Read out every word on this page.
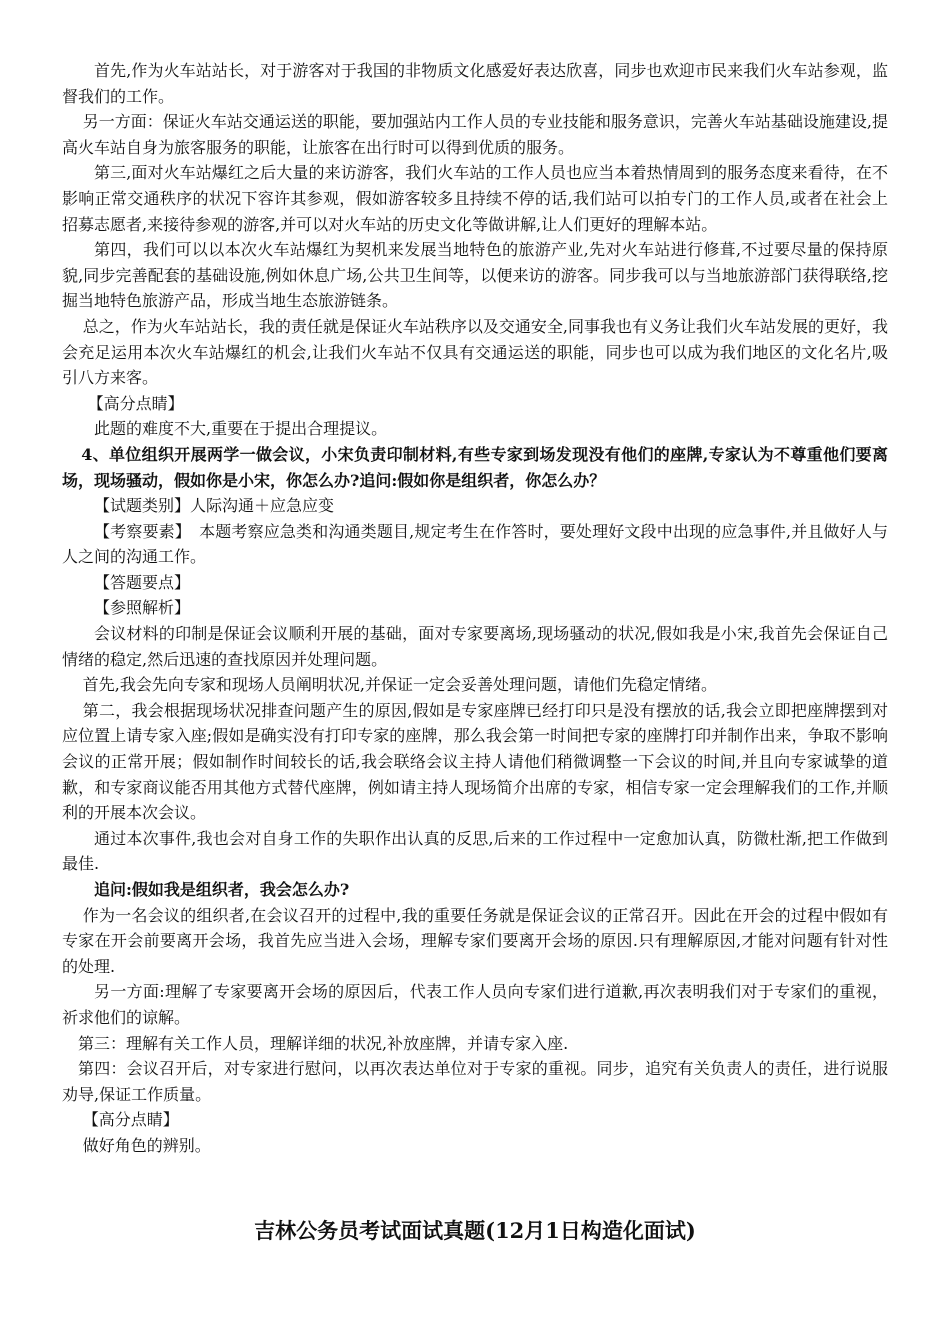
首先,作为火车站站长，对于游客对于我国的非物质文化感爱好表达欣喜，同步也欢迎市民来我们火车站参观，监督我们的工作。

另一方面：保证火车站交通运送的职能，要加强站内工作人员的专业技能和服务意识，完善火车站基础设施建设,提高火车站自身为旅客服务的职能，让旅客在出行时可以得到优质的服务。

第三,面对火车站爆红之后大量的来访游客，我们火车站的工作人员也应当本着热情周到的服务态度来看待，在不影响正常交通秩序的状况下容许其参观，假如游客较多且持续不停的话,我们站可以拍专门的工作人员,或者在社会上招募志愿者,来接待参观的游客,并可以对火车站的历史文化等做讲解,让人们更好的理解本站。

第四，我们可以以本次火车站爆红为契机来发展当地特色的旅游产业,先对火车站进行修葺,不过要尽量的保持原貌,同步完善配套的基础设施,例如休息广场,公共卫生间等，以便来访的游客。同步我可以与当地旅游部门获得联络,挖掘当地特色旅游产品，形成当地生态旅游链条。

总之，作为火车站站长，我的责任就是保证火车站秩序以及交通安全,同事我也有义务让我们火车站发展的更好，我会充足运用本次火车站爆红的机会,让我们火车站不仅具有交通运送的职能，同步也可以成为我们地区的文化名片,吸引八方来客。

【高分点睛】

此题的难度不大,重要在于提出合理提议。

4、单位组织开展两学一做会议，小宋负责印制材料,有些专家到场发现没有他们的座牌,专家认为不尊重他们要离场，现场骚动，假如你是小宋，你怎么办?追问:假如你是组织者，你怎么办？

【试题类别】人际沟通＋应急应变

【考察要素】　本题考察应急类和沟通类题目,规定考生在作答时，要处理好文段中出现的应急事件,并且做好人与人之间的沟通工作。

【答题要点】

【参照解析】

会议材料的印制是保证会议顺利开展的基础，面对专家要离场,现场骚动的状况,假如我是小宋,我首先会保证自己情绪的稳定,然后迅速的查找原因并处理问题。

首先,我会先向专家和现场人员阐明状况,并保证一定会妥善处理问题，请他们先稳定情绪。

第二，我会根据现场状况排查问题产生的原因,假如是专家座牌已经打印只是没有摆放的话,我会立即把座牌摆到对应位置上请专家入座;假如是确实没有打印专家的座牌，那么我会第一时间把专家的座牌打印并制作出来，争取不影响会议的正常开展；假如制作时间较长的话,我会联络会议主持人请他们稍微调整一下会议的时间,并且向专家诚挚的道歉，和专家商议能否用其他方式替代座牌，例如请主持人现场简介出席的专家，相信专家一定会理解我们的工作,并顺利的开展本次会议。

通过本次事件,我也会对自身工作的失职作出认真的反思,后来的工作过程中一定愈加认真，防微杜渐,把工作做到最佳.

追问:假如我是组织者，我会怎么办?

作为一名会议的组织者,在会议召开的过程中,我的重要任务就是保证会议的正常召开。因此在开会的过程中假如有专家在开会前要离开会场，我首先应当进入会场，理解专家们要离开会场的原因.只有理解原因,才能对问题有针对性的处理.

另一方面:理解了专家要离开会场的原因后，代表工作人员向专家们进行道歉,再次表明我们对于专家们的重视，祈求他们的谅解。

第三：理解有关工作人员，理解详细的状况,补放座牌，并请专家入座.

第四：会议召开后，对专家进行慰问，以再次表达单位对于专家的重视。同步，追究有关负责人的责任，进行说服劝导,保证工作质量。

【高分点睛】

做好角色的辨别。

吉林公务员考试面试真题(12月1日构造化面试)
